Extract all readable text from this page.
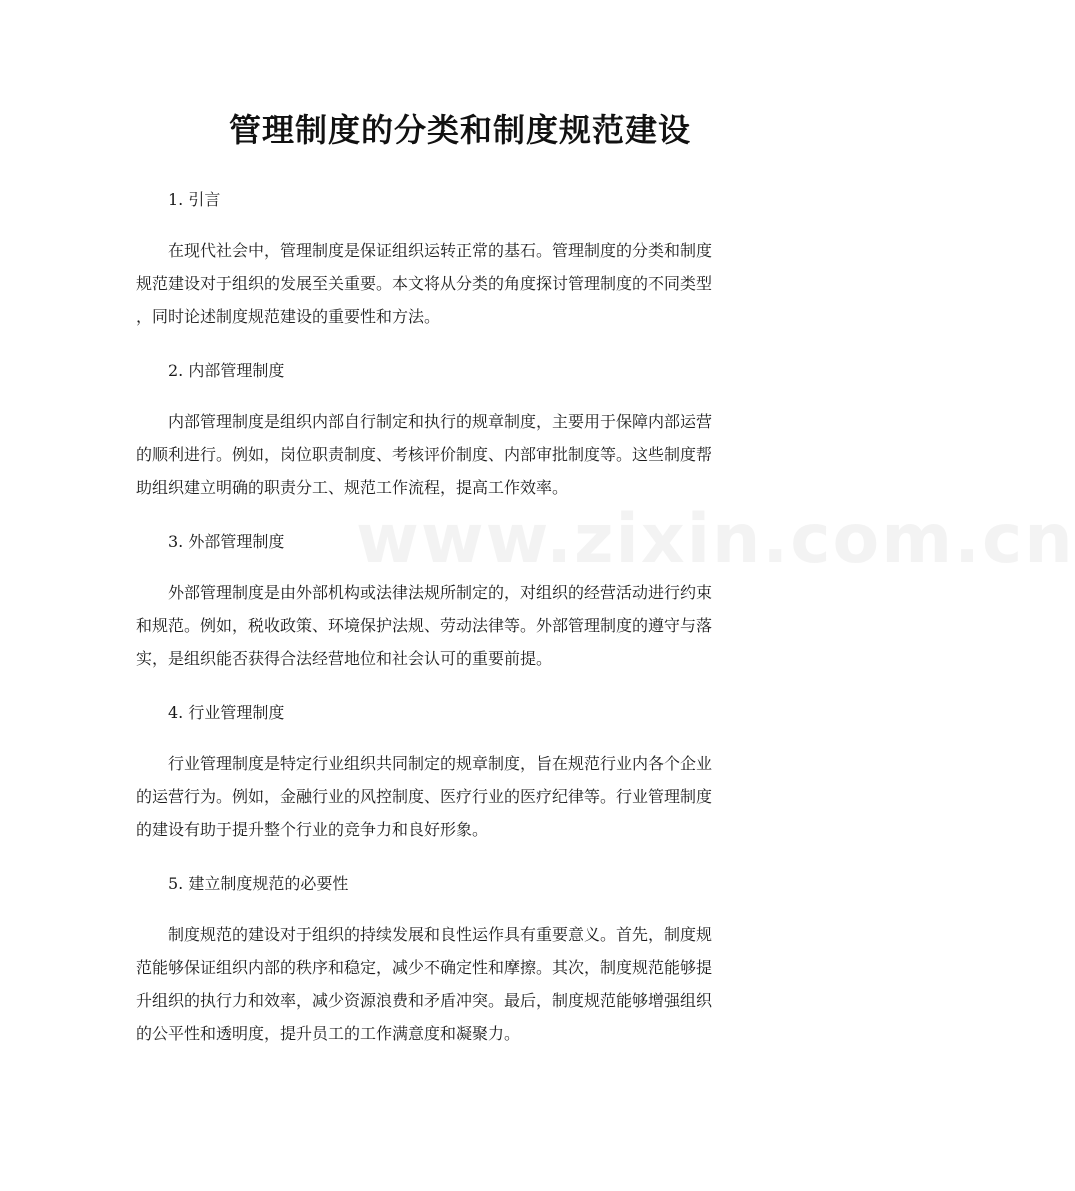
www.zixin.com.cn
管理制度的分类和制度规范建设
1. 引言
在现代社会中，管理制度是保证组织运转正常的基石。管理制度的分类和制度
规范建设对于组织的发展至关重要。本文将从分类的角度探讨管理制度的不同类型
，同时论述制度规范建设的重要性和方法。
2. 内部管理制度
内部管理制度是组织内部自行制定和执行的规章制度，主要用于保障内部运营
的顺利进行。例如，岗位职责制度、考核评价制度、内部审批制度等。这些制度帮
助组织建立明确的职责分工、规范工作流程，提高工作效率。
3. 外部管理制度
外部管理制度是由外部机构或法律法规所制定的，对组织的经营活动进行约束
和规范。例如，税收政策、环境保护法规、劳动法律等。外部管理制度的遵守与落
实，是组织能否获得合法经营地位和社会认可的重要前提。
4. 行业管理制度
行业管理制度是特定行业组织共同制定的规章制度，旨在规范行业内各个企业
的运营行为。例如，金融行业的风控制度、医疗行业的医疗纪律等。行业管理制度
的建设有助于提升整个行业的竞争力和良好形象。
5. 建立制度规范的必要性
制度规范的建设对于组织的持续发展和良性运作具有重要意义。首先，制度规
范能够保证组织内部的秩序和稳定，减少不确定性和摩擦。其次，制度规范能够提
升组织的执行力和效率，减少资源浪费和矛盾冲突。最后，制度规范能够增强组织
的公平性和透明度，提升员工的工作满意度和凝聚力。
